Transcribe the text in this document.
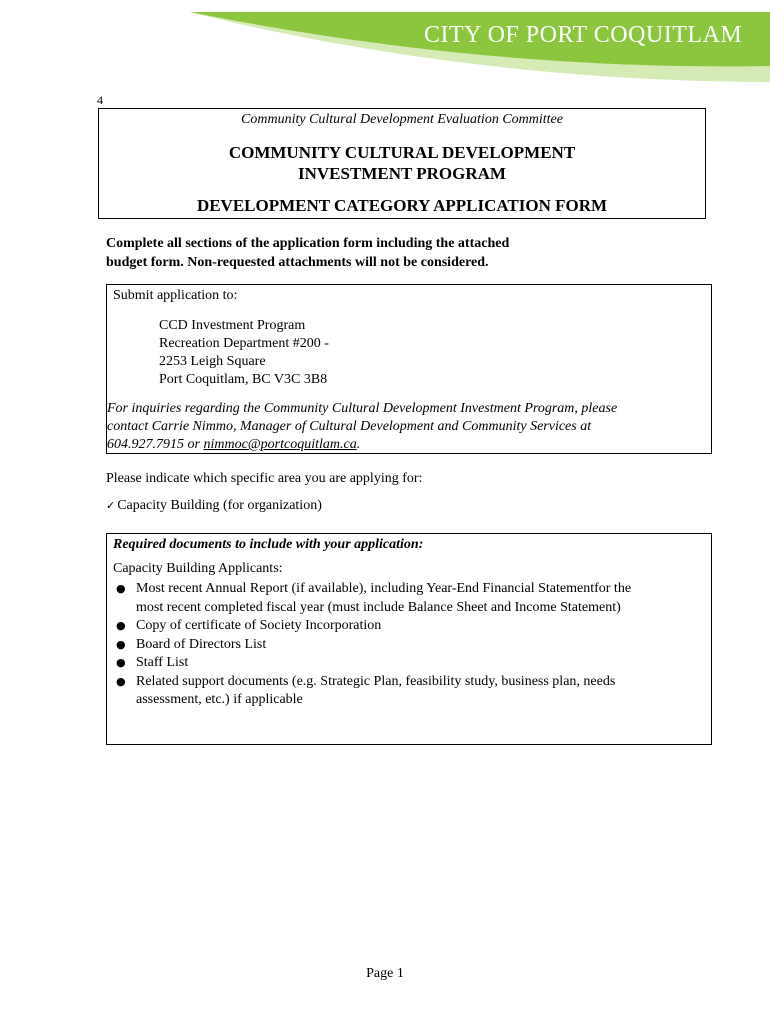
CITY OF PORT COQUITLAM
4
Community Cultural Development Evaluation Committee
COMMUNITY CULTURAL DEVELOPMENT
INVESTMENT PROGRAM
DEVELOPMENT CATEGORY APPLICATION FORM
Complete all sections of the application form including the attached
budget form. Non-requested attachments will not be considered.
Submit application to:
CCD Investment Program
Recreation Department #200 -
2253 Leigh Square
Port Coquitlam, BC V3C 3B8
For inquiries regarding the Community Cultural Development Investment Program, please
contact Carrie Nimmo, Manager of Cultural Development and Community Services at
604.927.7915 or nimmoc@portcoquitlam.ca.
Please indicate which specific area you are applying for:
✓ Capacity Building (for organization)
Required documents to include with your application:
Capacity Building Applicants:
● Most recent Annual Report (if available), including Year-End Financial Statementfor the
most recent completed fiscal year (must include Balance Sheet and Income Statement)
● Copy of certificate of Society Incorporation
● Board of Directors List
● Staff List
● Related support documents (e.g. Strategic Plan, feasibility study, business plan, needs
assessment, etc.) if applicable
Page 1
